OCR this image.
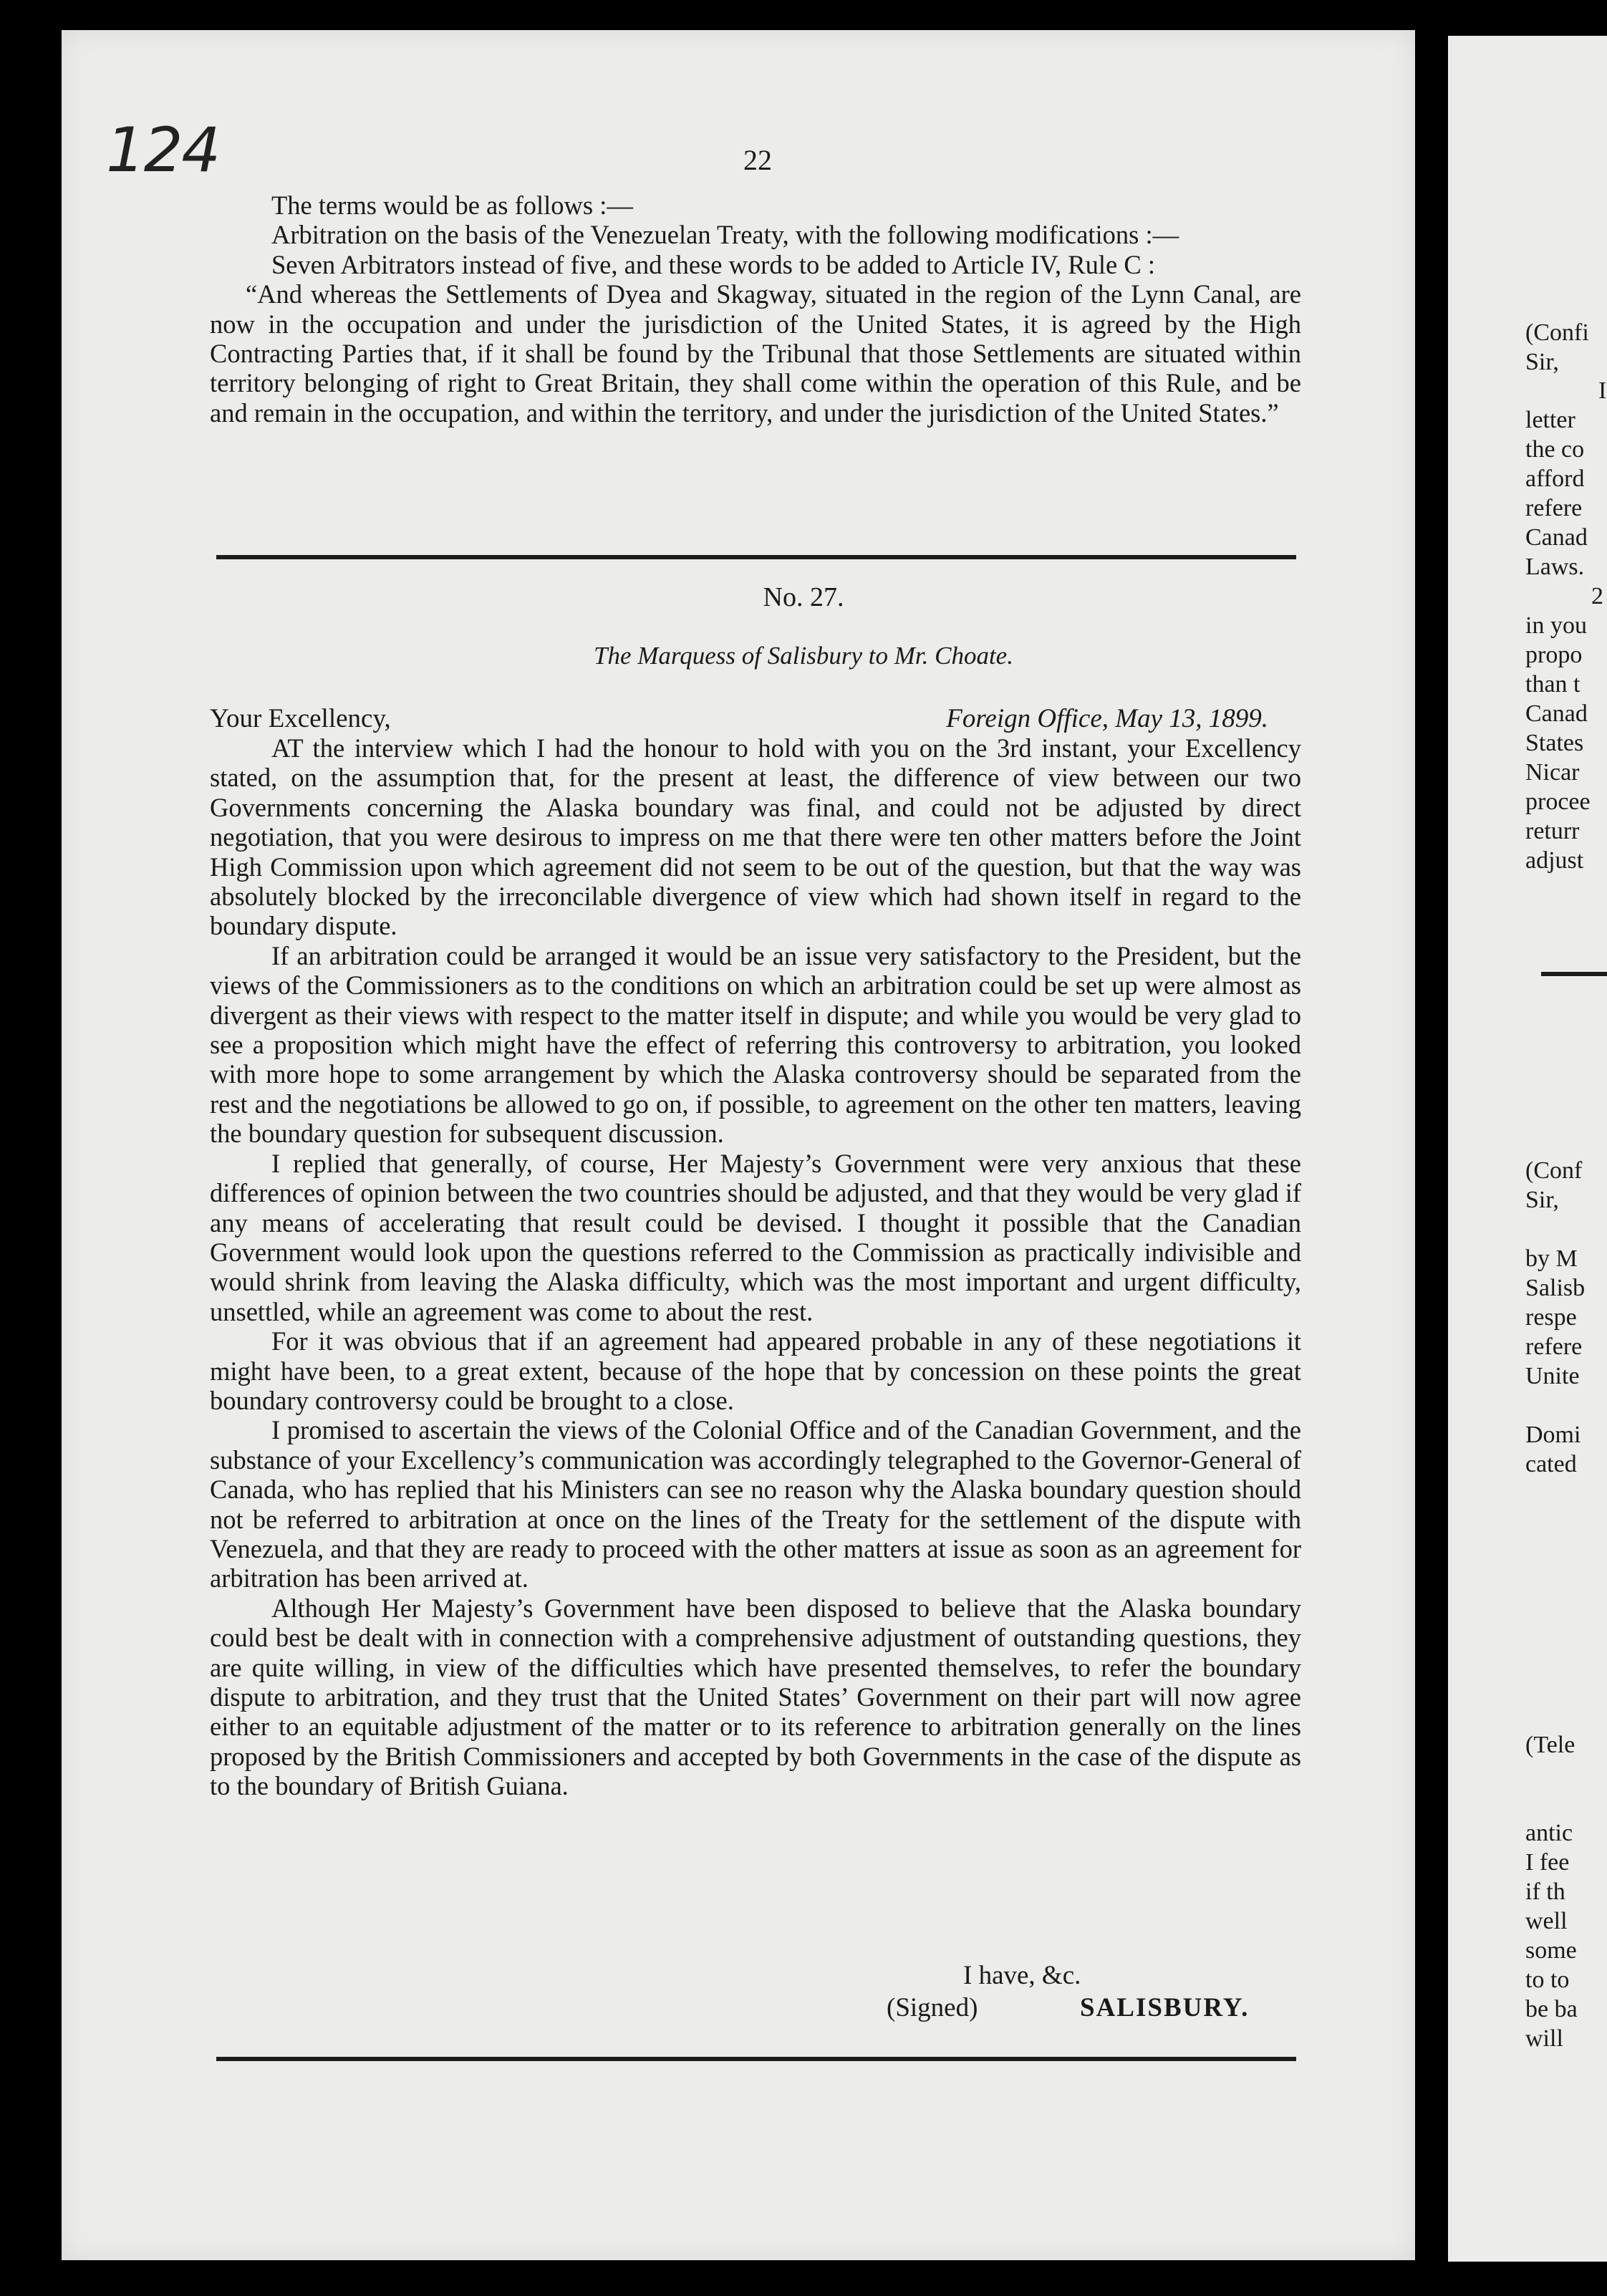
(Confi
Sir,
I
letter
the co
afford
refere
Canad
Laws.
2
in you
propo
than t
Canad
States
Nicar
procee
returr
adjust
(Conf
Sir,
by M
Salisb
respe
refere
Unite
Domi
cated
(Tele
antic
I fee
if th
well
some
to to
be ba
will
124	22

The terms would be as follows :—

Arbitration on the basis of the Venezuelan Treaty, with the following modifications :—

Seven Arbitrators instead of five, and these words to be added to Article IV, Rule C :

“And whereas the Settlements of Dyea and Skagway, situated in the region of the Lynn Canal, are now in the occupation and under the jurisdiction of the United States, it is agreed by the High Contracting Parties that, if it shall be found by the Tribunal that those Settlements are situated within territory belonging of right to Great Britain, they shall come within the operation of this Rule, and be and remain in the occupation, and within the territory, and under the jurisdiction of the United States.”

No. 27.
The Marquess of Salisbury to Mr. Choate.
Your Excellency,	Foreign Office, May 13, 1899.

AT the interview which I had the honour to hold with you on the 3rd instant, your Excellency stated, on the assumption that, for the present at least, the difference of view between our two Governments concerning the Alaska boundary was final, and could not be adjusted by direct negotiation, that you were desirous to impress on me that there were ten other matters before the Joint High Commission upon which agreement did not seem to be out of the question, but that the way was absolutely blocked by the irreconcilable divergence of view which had shown itself in regard to the boundary dispute.

If an arbitration could be arranged it would be an issue very satisfactory to the President, but the views of the Commissioners as to the conditions on which an arbitration could be set up were almost as divergent as their views with respect to the matter itself in dispute; and while you would be very glad to see a proposition which might have the effect of referring this controversy to arbitration, you looked with more hope to some arrangement by which the Alaska controversy should be separated from the rest and the negotiations be allowed to go on, if possible, to agreement on the other ten matters, leaving the boundary question for subsequent discussion.

I replied that generally, of course, Her Majesty’s Government were very anxious that these differences of opinion between the two countries should be adjusted, and that they would be very glad if any means of accelerating that result could be devised. I thought it possible that the Canadian Government would look upon the questions referred to the Commission as practically indivisible and would shrink from leaving the Alaska difficulty, which was the most important and urgent difficulty, unsettled, while an agreement was come to about the rest.

For it was obvious that if an agreement had appeared probable in any of these negotiations it might have been, to a great extent, because of the hope that by concession on these points the great boundary controversy could be brought to a close.

I promised to ascertain the views of the Colonial Office and of the Canadian Government, and the substance of your Excellency’s communication was accordingly telegraphed to the Governor-General of Canada, who has replied that his Ministers can see no reason why the Alaska boundary question should not be referred to arbitration at once on the lines of the Treaty for the settlement of the dispute with Venezuela, and that they are ready to proceed with the other matters at issue as soon as an agreement for arbitration has been arrived at.

Although Her Majesty’s Government have been disposed to believe that the Alaska boundary could best be dealt with in connection with a comprehensive adjustment of outstanding questions, they are quite willing, in view of the difficulties which have presented themselves, to refer the boundary dispute to arbitration, and they trust that the United States’ Government on their part will now agree either to an equitable adjustment of the matter or to its reference to arbitration generally on the lines proposed by the British Commissioners and accepted by both Governments in the case of the dispute as to the boundary of British Guiana.

I have, &c.
(Signed)	SALISBURY.
